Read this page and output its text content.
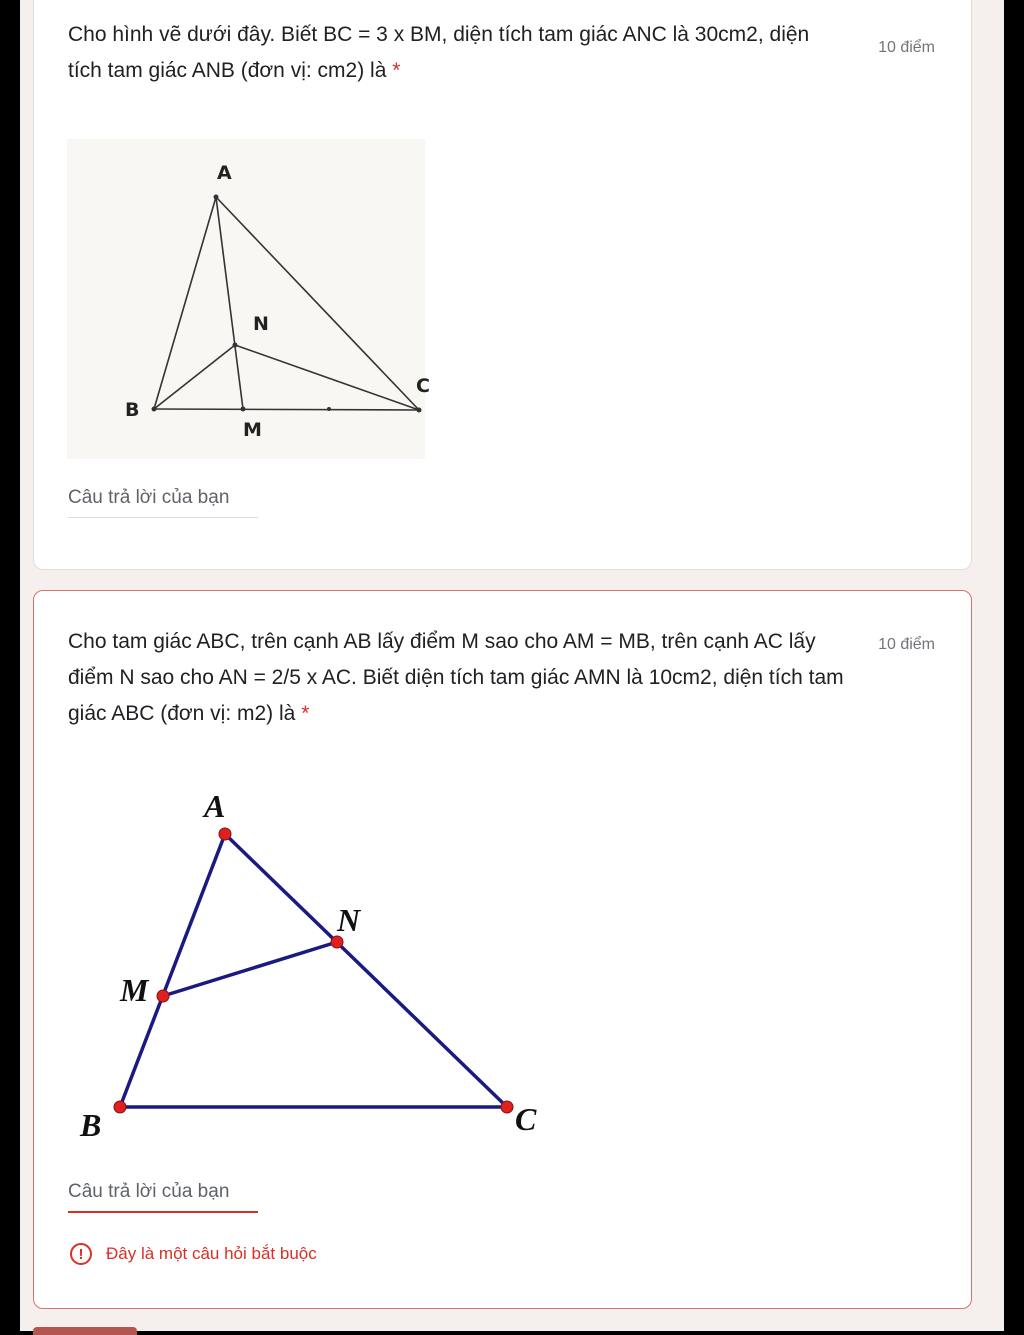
Cho hình vẽ dưới đây. Biết BC = 3 x BM, diện tích tam giác ANC là 30cm2, diện tích tam giác ANB (đơn vị: cm2) là *

10 điểm
A
N
C
B
M
Câu trả lời của bạn

Cho tam giác ABC, trên cạnh AB lấy điểm M sao cho AM = MB, trên cạnh AC lấy điểm N sao cho AN = 2/5 x AC. Biết diện tích tam giác AMN là 10cm2, diện tích tam giác ABC (đơn vị: m2) là *

10 điểm
A
N
M
B	C
Câu trả lời của bạn
!	Đây là một câu hỏi bắt buộc
